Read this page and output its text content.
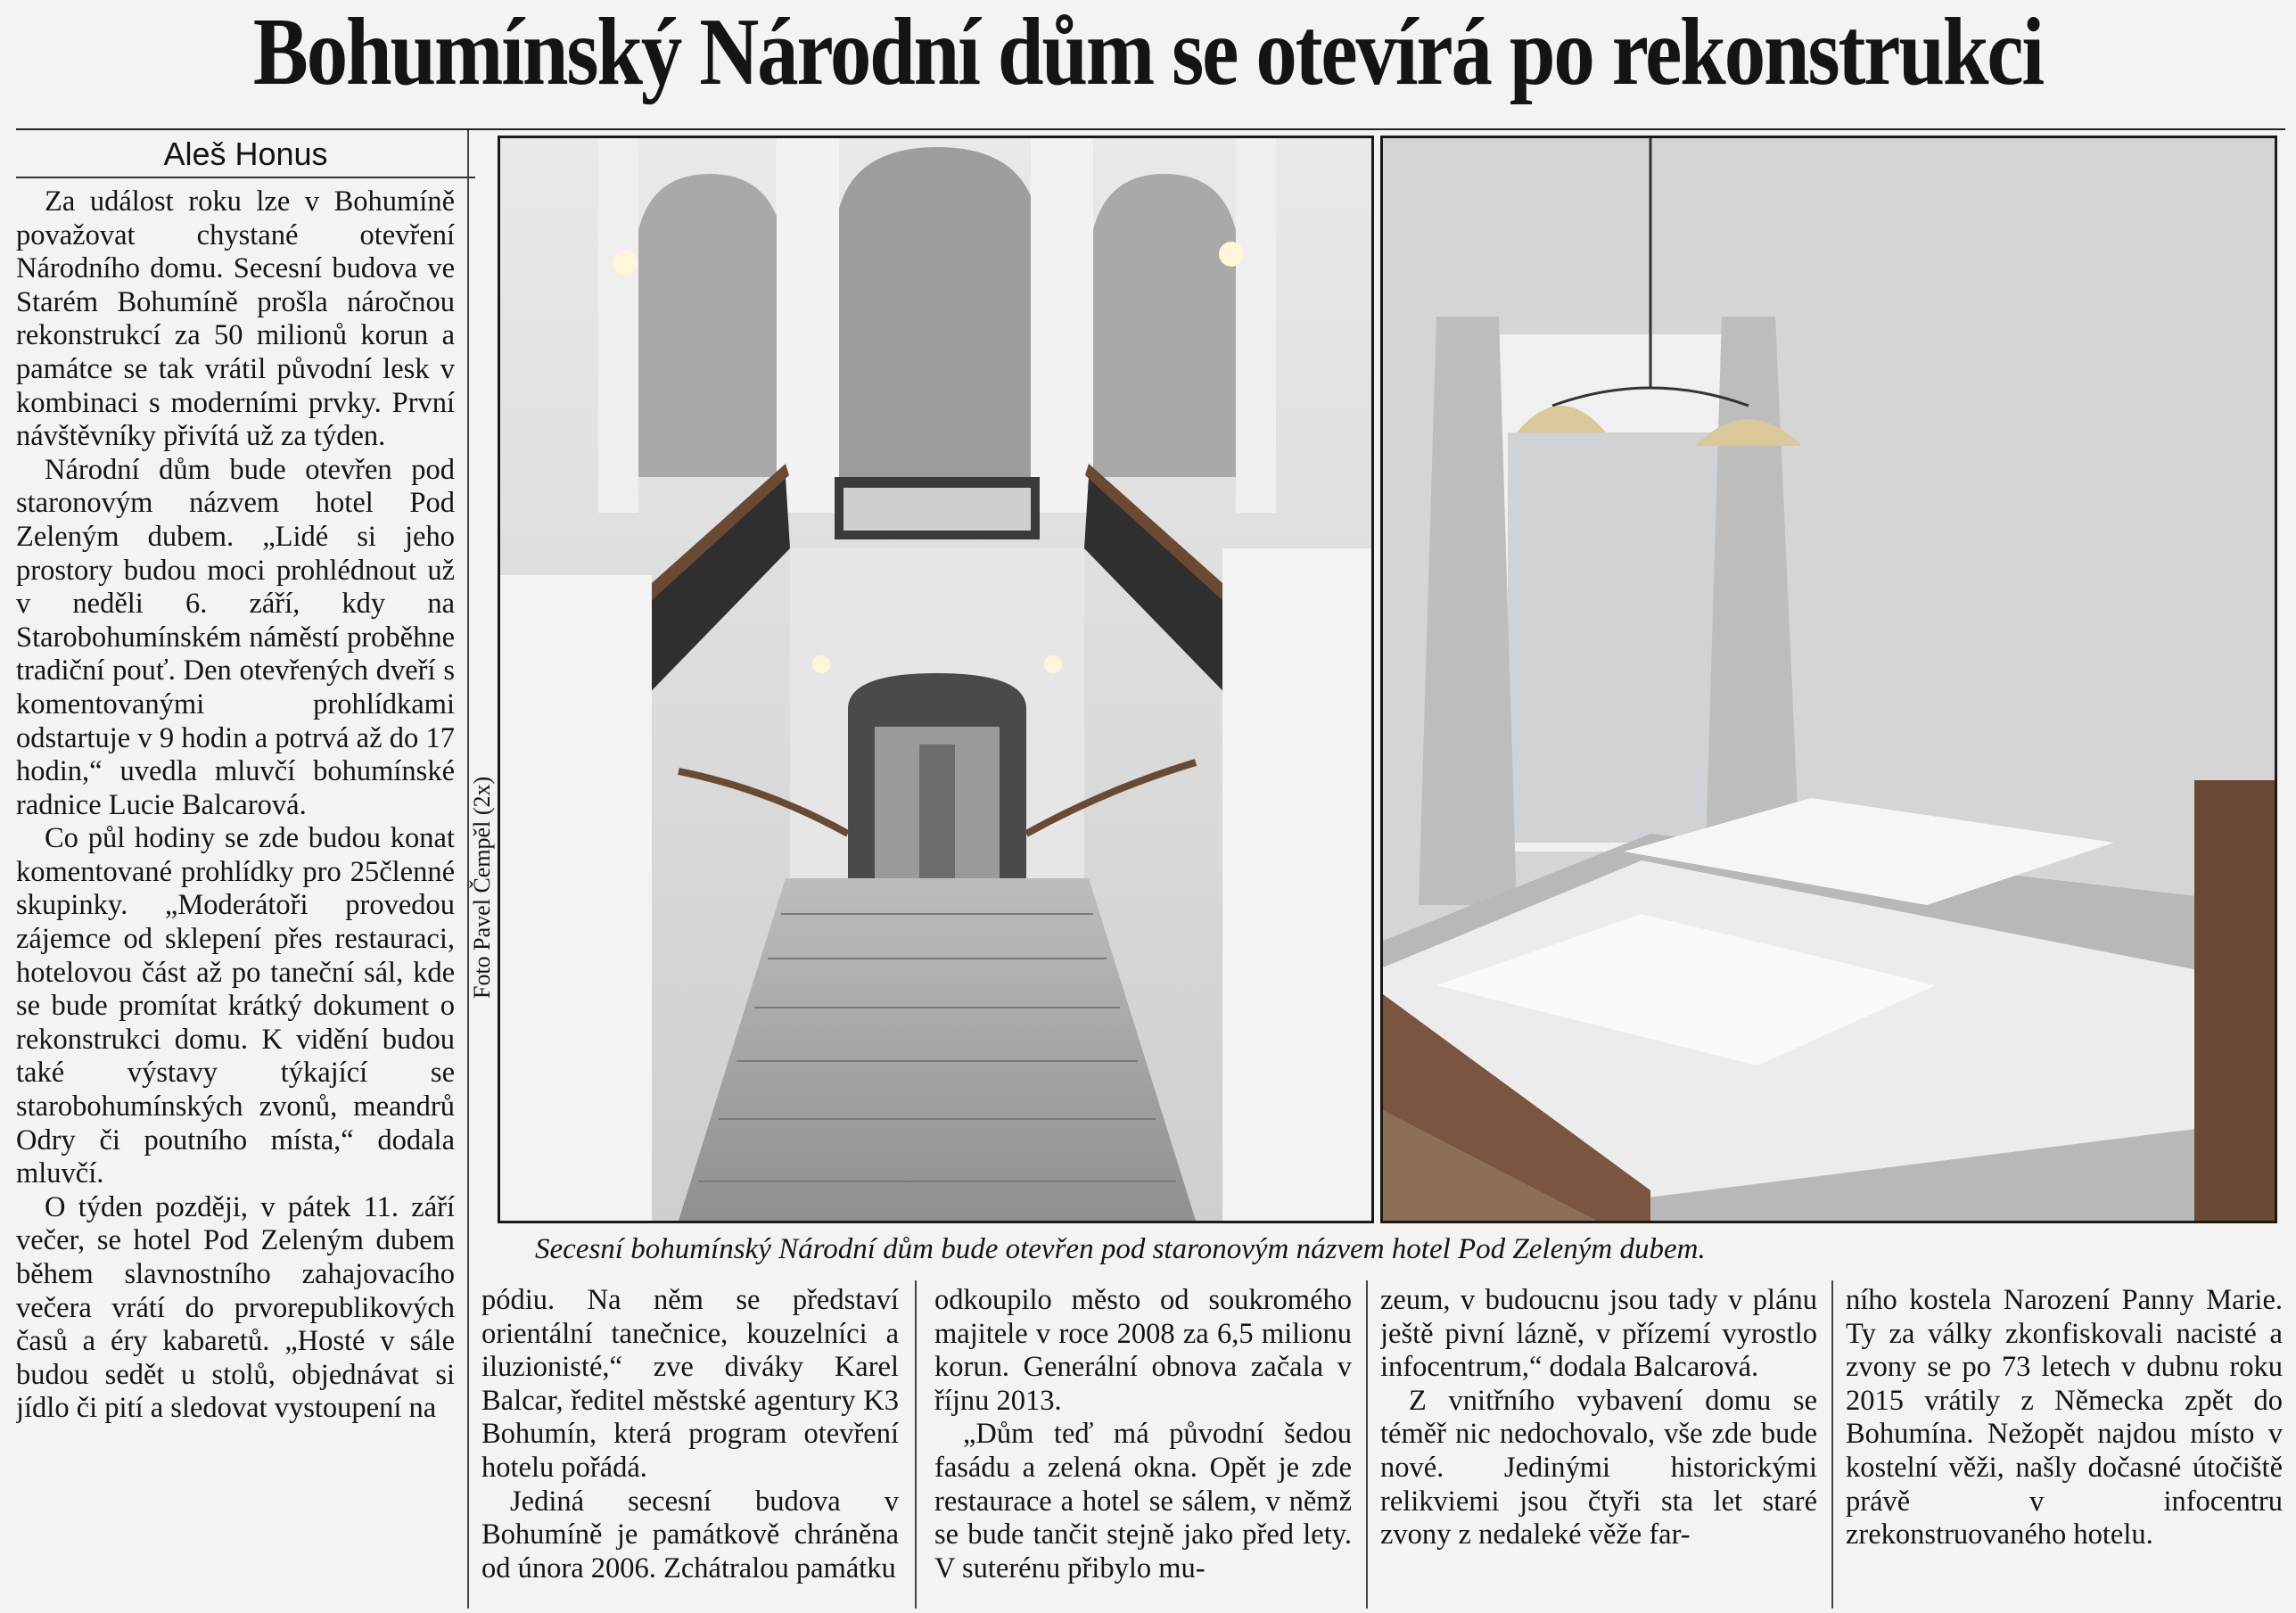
Bohumínský Národní dům se otevírá po rekonstrukci
Aleš Honus

Za událost roku lze v Bohumíně považovat chystané otevření Národního domu. Secesní budova ve Starém Bohumíně prošla náročnou rekonstrukcí za 50 milionů korun a památce se tak vrátil původní lesk v kombinaci s moderními prvky. První návštěvníky přivítá už za týden.

Národní dům bude otevřen pod staronovým názvem hotel Pod Zeleným dubem. „Lidé si jeho prostory budou moci prohlédnout už v neděli 6. září, kdy na Starobohumínském náměstí proběhne tradiční pouť. Den otevřených dveří s komentovanými prohlídkami odstartuje v 9 hodin a potrvá až do 17 hodin,“ uvedla mluvčí bohumínské radnice Lucie Balcarová.

Co půl hodiny se zde budou konat komentované prohlídky pro 25členné skupinky. „Moderátoři provedou zájemce od sklepení přes restauraci, hotelovou část až po taneční sál, kde se bude promítat krátký dokument o rekonstrukci domu. K vidění budou také výstavy týkající se starobohumínských zvonů, meandrů Odry či poutního místa,“ dodala mluvčí.

O týden později, v pátek 11. září večer, se hotel Pod Zeleným dubem během slavnostního zahajovacího večera vrátí do prvorepublikových časů a éry kabaretů. „Hosté v sále budou sedět u stolů, objednávat si jídlo či pití a sledovat vystoupení na

Foto Pavel Čempěl (2x)
Secesní bohumínský Národní dům bude otevřen pod staronovým názvem hotel Pod Zeleným dubem.

pódiu. Na něm se představí orientální tanečnice, kouzelníci a iluzionisté,“ zve diváky Karel Balcar, ředitel městské agentury K3 Bohumín, která program otevření hotelu pořádá.

Jediná secesní budova v Bohumíně je památkově chráněna od února 2006. Zchátralou památku

odkoupilo město od soukromého majitele v roce 2008 za 6,5 milionu korun. Generální obnova začala v říjnu 2013.

„Dům teď má původní šedou fasádu a zelená okna. Opět je zde restaurace a hotel se sálem, v němž se bude tančit stejně jako před lety. V suterénu přibylo mu-

zeum, v budoucnu jsou tady v plánu ještě pivní lázně, v přízemí vyrostlo infocentrum,“ dodala Balcarová.

Z vnitřního vybavení domu se téměř nic nedochovalo, vše zde bude nové. Jedinými historickými relikviemi jsou čtyři sta let staré zvony z nedaleké věže far-

ního kostela Narození Panny Marie. Ty za války zkonfiskovali nacisté a zvony se po 73 letech v dubnu roku 2015 vrátily z Německa zpět do Bohumína. Nežopět najdou místo v kostelní věži, našly dočasné útočiště právě v infocentru zrekonstruovaného hotelu.
